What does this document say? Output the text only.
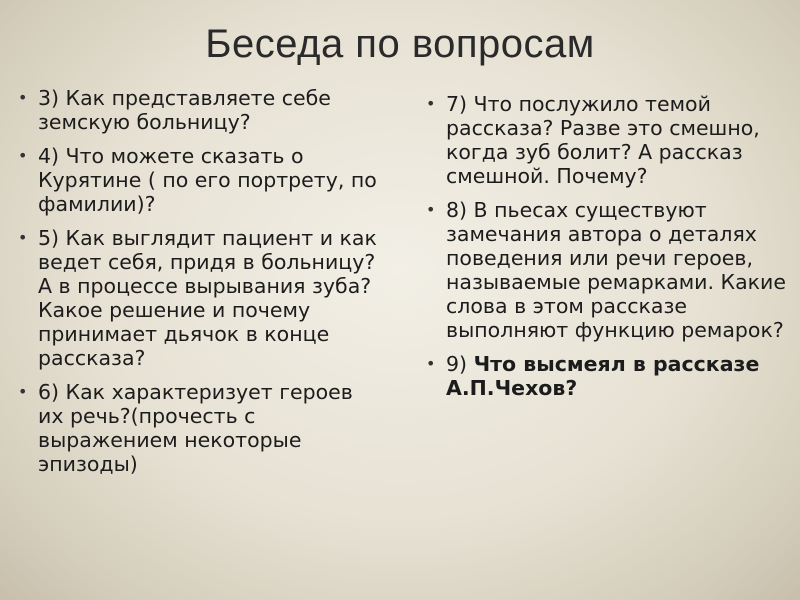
Беседа по вопросам
• 3) Как представляете себе земскую больницу?
• 4) Что можете сказать о Курятине ( по его портрету, по фамилии)?
• 5) Как выглядит пациент и как ведет себя, придя в больницу? А в процессе вырывания зуба? Какое решение и почему принимает дьячок в конце рассказа?
• 6) Как характеризует героев их речь?(прочесть с выражением некоторые эпизоды)
• 7) Что послужило темой рассказа? Разве это смешно, когда зуб болит? А рассказ смешной. Почему?
• 8) В пьесах существуют замечания автора о деталях поведения или речи героев, называемые ремарками. Какие слова в этом рассказе выполняют функцию ремарок?
• 9) Что высмеял в рассказе А.П.Чехов?
